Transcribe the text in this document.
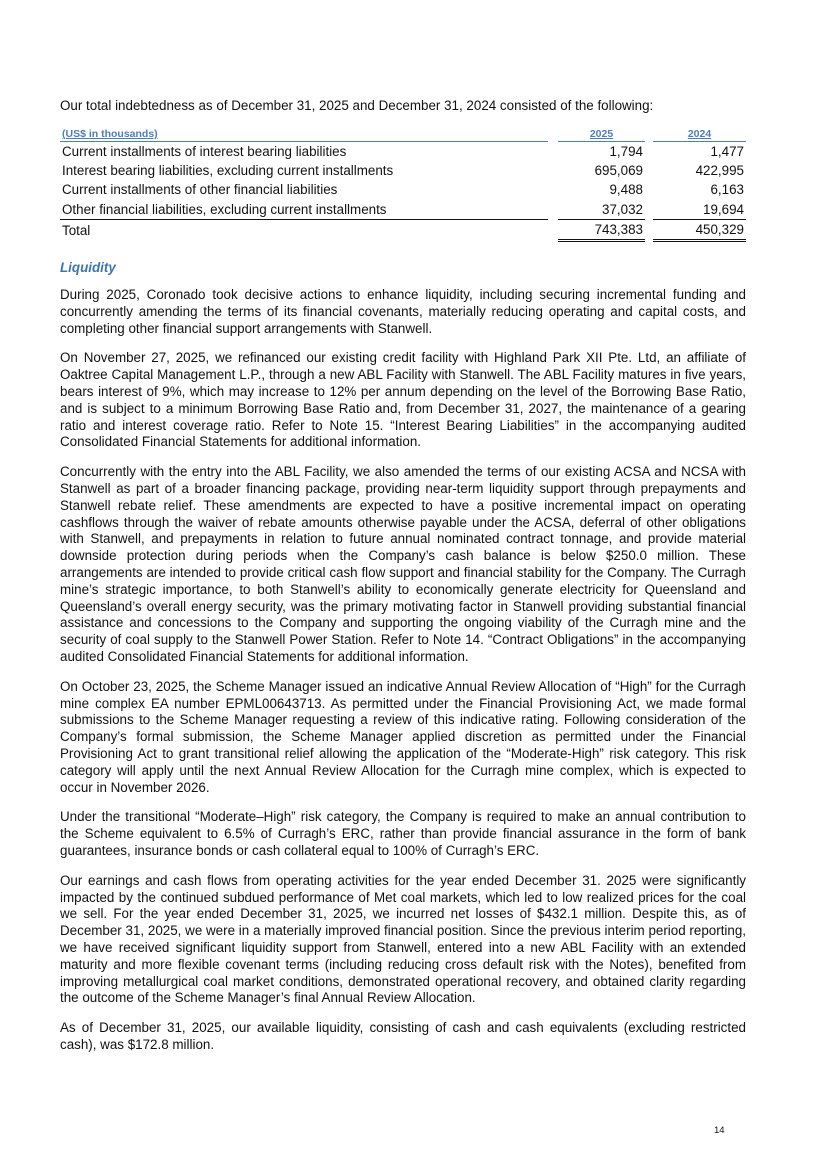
Our total indebtedness as of December 31, 2025 and December 31, 2024 consisted of the following:

(US$ in thousands)		2025		2024
Current installments of interest bearing liabilities		1,794		1,477
Interest bearing liabilities, excluding current installments		695,069		422,995
Current installments of other financial liabilities		9,488		6,163
Other financial liabilities, excluding current installments		37,032		19,694
Total		743,383		450,329
Liquidity

During 2025, Coronado took decisive actions to enhance liquidity, including securing incremental funding and concurrently amending the terms of its financial covenants, materially reducing operating and capital costs, and completing other financial support arrangements with Stanwell.

On November 27, 2025, we refinanced our existing credit facility with Highland Park XII Pte. Ltd, an affiliate of Oaktree Capital Management L.P., through a new ABL Facility with Stanwell. The ABL Facility matures in five years, bears interest of 9%, which may increase to 12% per annum depending on the level of the Borrowing Base Ratio, and is subject to a minimum Borrowing Base Ratio and, from December 31, 2027, the maintenance of a gearing ratio and interest coverage ratio. Refer to Note 15. “Interest Bearing Liabilities” in the accompanying audited Consolidated Financial Statements for additional information.

Concurrently with the entry into the ABL Facility, we also amended the terms of our existing ACSA and NCSA with Stanwell as part of a broader financing package, providing near-term liquidity support through prepayments and Stanwell rebate relief. These amendments are expected to have a positive incremental impact on operating cashflows through the waiver of rebate amounts otherwise payable under the ACSA, deferral of other obligations with Stanwell, and prepayments in relation to future annual nominated contract tonnage, and provide material downside protection during periods when the Company’s cash balance is below $250.0 million. These arrangements are intended to provide critical cash flow support and financial stability for the Company. The Curragh mine’s strategic importance, to both Stanwell’s ability to economically generate electricity for Queensland and Queensland’s overall energy security, was the primary motivating factor in Stanwell providing substantial financial assistance and concessions to the Company and supporting the ongoing viability of the Curragh mine and the security of coal supply to the Stanwell Power Station. Refer to Note 14. “Contract Obligations” in the accompanying audited Consolidated Financial Statements for additional information.

On October 23, 2025, the Scheme Manager issued an indicative Annual Review Allocation of “High” for the Curragh mine complex EA number EPML00643713. As permitted under the Financial Provisioning Act, we made formal submissions to the Scheme Manager requesting a review of this indicative rating. Following consideration of the Company’s formal submission, the Scheme Manager applied discretion as permitted under the Financial Provisioning Act to grant transitional relief allowing the application of the “Moderate-High” risk category. This risk category will apply until the next Annual Review Allocation for the Curragh mine complex, which is expected to occur in November 2026.

Under the transitional “Moderate–High” risk category, the Company is required to make an annual contribution to the Scheme equivalent to 6.5% of Curragh’s ERC, rather than provide financial assurance in the form of bank guarantees, insurance bonds or cash collateral equal to 100% of Curragh’s ERC.

Our earnings and cash flows from operating activities for the year ended December 31. 2025 were significantly impacted by the continued subdued performance of Met coal markets, which led to low realized prices for the coal we sell. For the year ended December 31, 2025, we incurred net losses of $432.1 million. Despite this, as of December 31, 2025, we were in a materially improved financial position. Since the previous interim period reporting, we have received significant liquidity support from Stanwell, entered into a new ABL Facility with an extended maturity and more flexible covenant terms (including reducing cross default risk with the Notes), benefited from improving metallurgical coal market conditions, demonstrated operational recovery, and obtained clarity regarding the outcome of the Scheme Manager’s final Annual Review Allocation.

As of December 31, 2025, our available liquidity, consisting of cash and cash equivalents (excluding restricted cash), was $172.8 million.

14
